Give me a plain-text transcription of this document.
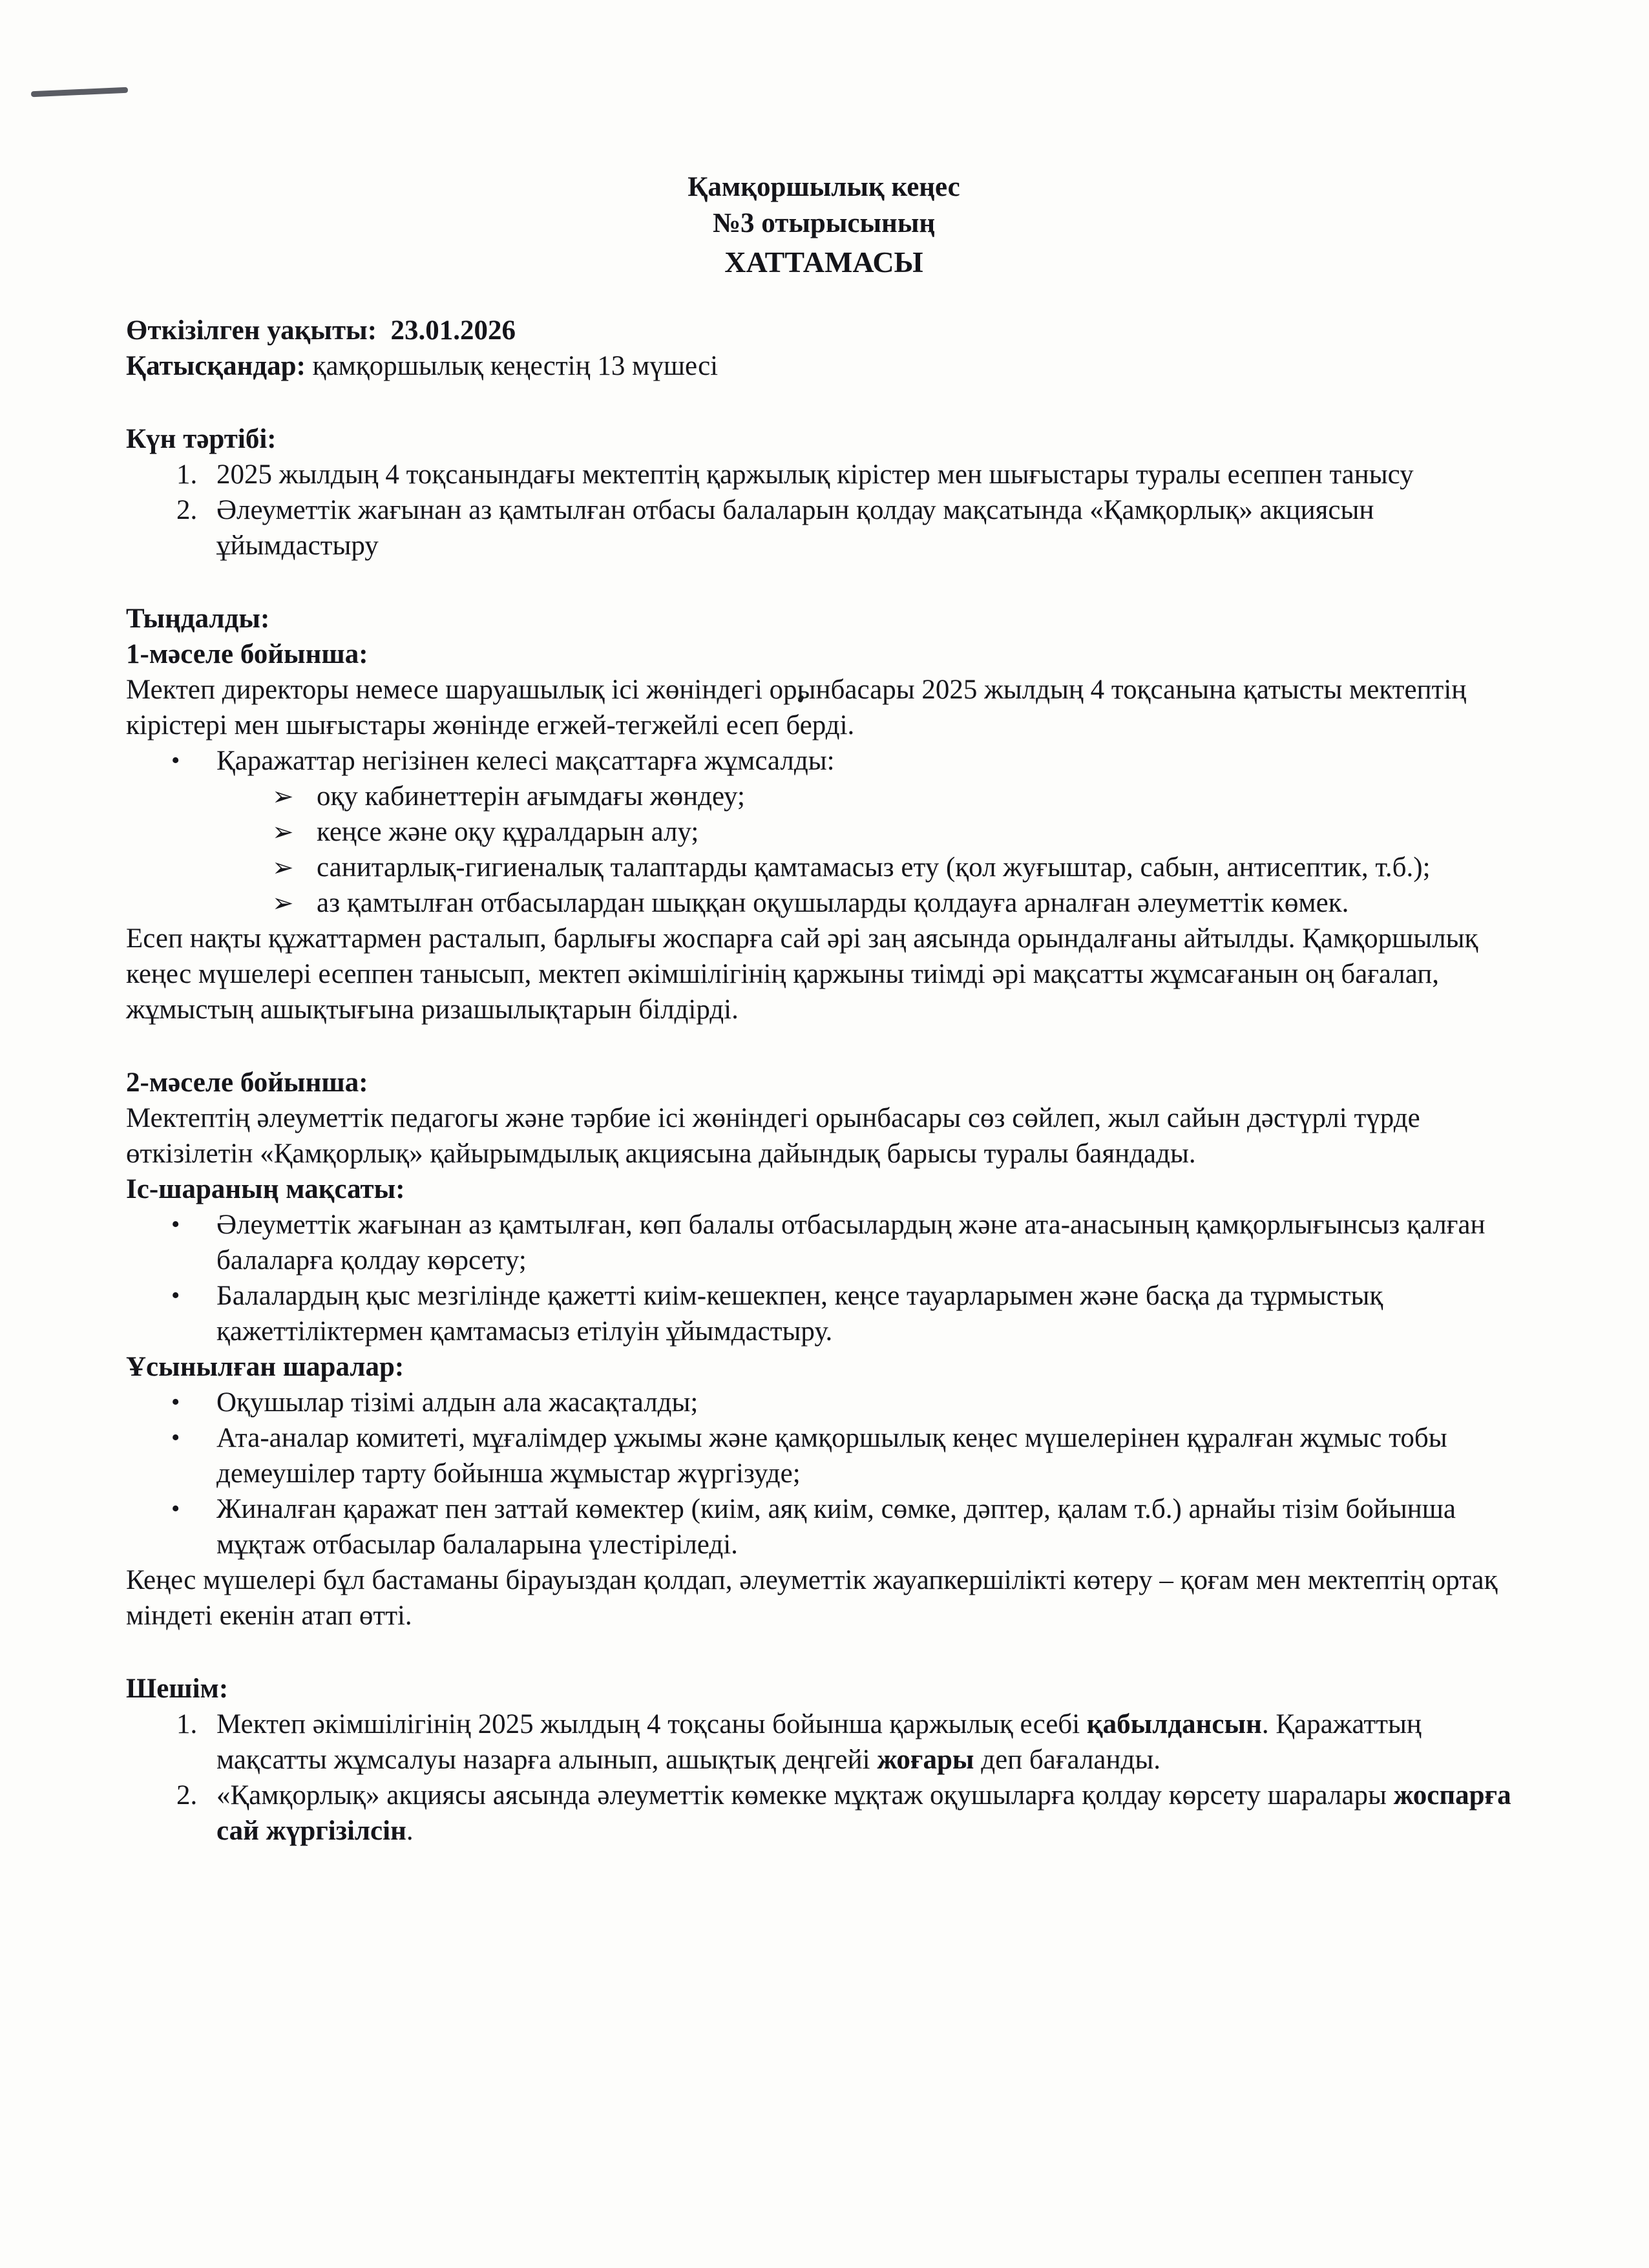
Қамқоршылық кеңес
№3 отырысының
ХАТТАМАСЫ
Өткізілген уақыты: 23.01.2026
Қатысқандар: қамқоршылық кеңестің 13 мүшесі
Күн тәртібі:
1. 2025 жылдың 4 тоқсанындағы мектептің қаржылық кірістер мен шығыстары туралы есеппен танысу
2. Әлеуметтік жағынан аз қамтылған отбасы балаларын қолдау мақсатында «Қамқорлық» акциясын ұйымдастыру
Тыңдалды:
1-мәселе бойынша:
Мектеп директоры немесе шаруашылық ісі жөніндегі орынбасары 2025 жылдың 4 тоқсанына қатысты мектептің кірістері мен шығыстары жөнінде егжей-тегжейлі есеп берді.
• Қаражаттар негізінен келесі мақсаттарға жұмсалды:
➢ оқу кабинеттерін ағымдағы жөндеу;
➢ кеңсе және оқу құралдарын алу;
➢ санитарлық-гигиеналық талаптарды қамтамасыз ету (қол жуғыштар, сабын, антисептик, т.б.);
➢ аз қамтылған отбасылардан шыққан оқушыларды қолдауға арналған әлеуметтік көмек.
Есеп нақты құжаттармен расталып, барлығы жоспарға сай әрі заң аясында орындалғаны айтылды. Қамқоршылық кеңес мүшелері есеппен танысып, мектеп әкімшілігінің қаржыны тиімді әрі мақсатты жұмсағанын оң бағалап, жұмыстың ашықтығына ризашылықтарын білдірді.
2-мәселе бойынша:
Мектептің әлеуметтік педагогы және тәрбие ісі жөніндегі орынбасары сөз сөйлеп, жыл сайын дәстүрлі түрде өткізілетін «Қамқорлық» қайырымдылық акциясына дайындық барысы туралы баяндады.
Іс-шараның мақсаты:
• Әлеуметтік жағынан аз қамтылған, көп балалы отбасылардың және ата-анасының қамқорлығынсыз қалған балаларға қолдау көрсету;
• Балалардың қыс мезгілінде қажетті киім-кешекпен, кеңсе тауарларымен және басқа да тұрмыстық қажеттіліктермен қамтамасыз етілуін ұйымдастыру.
Ұсынылған шаралар:
• Оқушылар тізімі алдын ала жасақталды;
• Ата-аналар комитеті, мұғалімдер ұжымы және қамқоршылық кеңес мүшелерінен құралған жұмыс тобы демеушілер тарту бойынша жұмыстар жүргізуде;
• Жиналған қаражат пен заттай көмектер (киім, аяқ киім, сөмке, дәптер, қалам т.б.) арнайы тізім бойынша мұқтаж отбасылар балаларына үлестіріледі.
Кеңес мүшелері бұл бастаманы бірауыздан қолдап, әлеуметтік жауапкершілікті көтеру – қоғам мен мектептің ортақ міндеті екенін атап өтті.
Шешім:
1. Мектеп әкімшілігінің 2025 жылдың 4 тоқсаны бойынша қаржылық есебі қабылдансын. Қаражаттың мақсатты жұмсалуы назарға алынып, ашықтық деңгейі жоғары деп бағаланды.
2. «Қамқорлық» акциясы аясында әлеуметтік көмекке мұқтаж оқушыларға қолдау көрсету шаралары жоспарға сай жүргізілсін.
